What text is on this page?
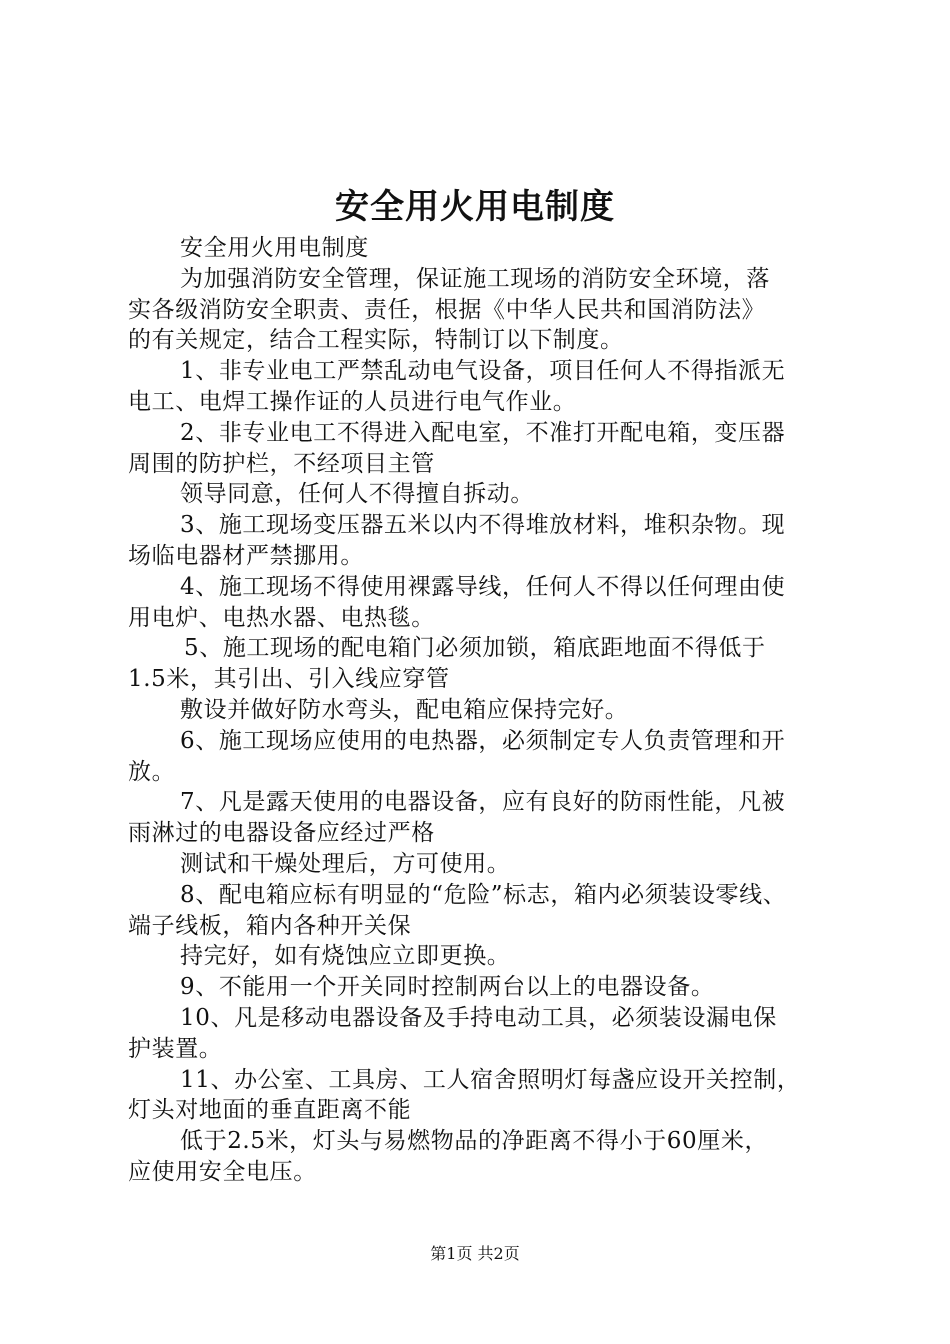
安全用火用电制度

安全用火用电制度

为加强消防安全管理，保证施工现场的消防安全环境，落

实各级消防安全职责、责任，根据《中华人民共和国消防法》

的有关规定，结合工程实际，特制订以下制度。

1、非专业电工严禁乱动电气设备，项目任何人不得指派无

电工、电焊工操作证的人员进行电气作业。

2、非专业电工不得进入配电室，不准打开配电箱，变压器

周围的防护栏，不经项目主管

领导同意，任何人不得擅自拆动。

3、施工现场变压器五米以内不得堆放材料，堆积杂物。现

场临电器材严禁挪用。

4、施工现场不得使用裸露导线，任何人不得以任何理由使

用电炉、电热水器、电热毯。

5、施工现场的配电箱门必须加锁，箱底距地面不得低于

1.5米，其引出、引入线应穿管

敷设并做好防水弯头，配电箱应保持完好。

6、施工现场应使用的电热器，必须制定专人负责管理和开

放。

7、凡是露天使用的电器设备，应有良好的防雨性能，凡被

雨淋过的电器设备应经过严格

测试和干燥处理后，方可使用。

8、配电箱应标有明显的“危险”标志，箱内必须装设零线、

端子线板，箱内各种开关保

持完好，如有烧蚀应立即更换。

9、不能用一个开关同时控制两台以上的电器设备。

10、凡是移动电器设备及手持电动工具，必须装设漏电保

护装置。

11、办公室、工具房、工人宿舍照明灯每盏应设开关控制，

灯头对地面的垂直距离不能

低于2.5米，灯头与易燃物品的净距离不得小于60厘米，

应使用安全电压。

第1页 共2页
